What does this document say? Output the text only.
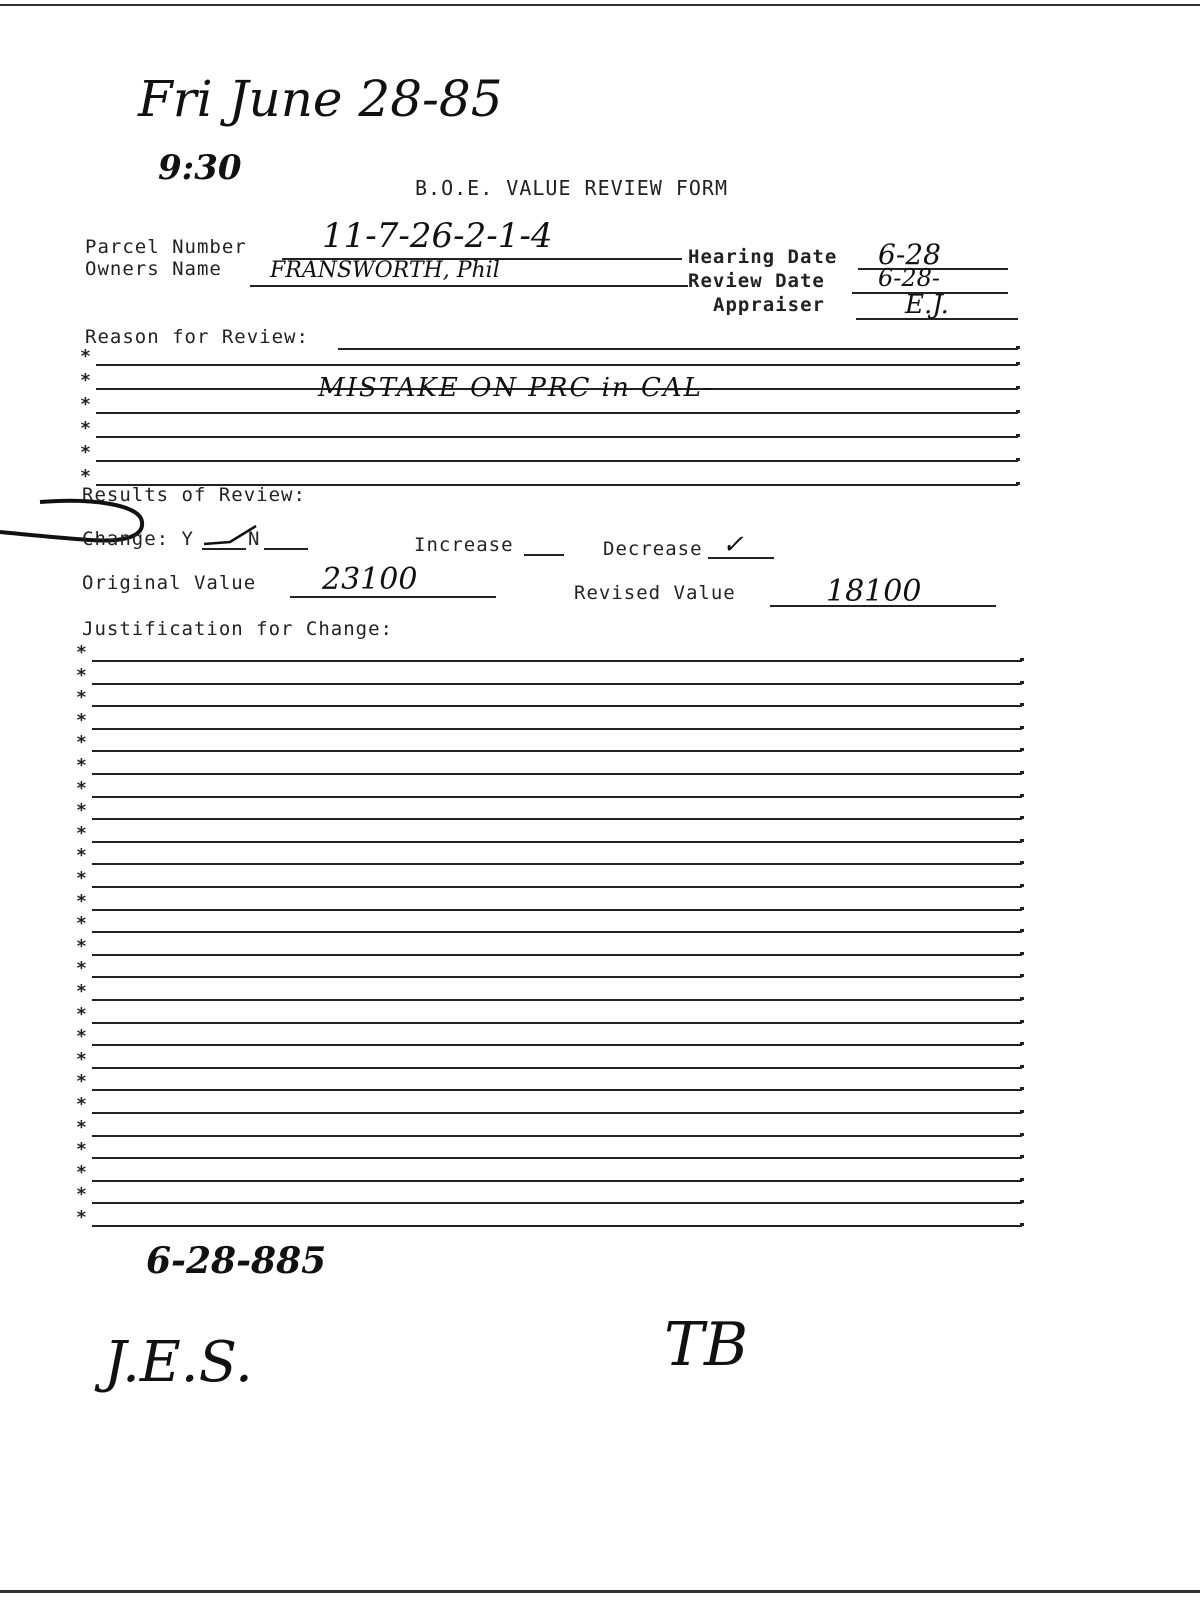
Fri June 28-85
9:30	B.O.E. VALUE REVIEW FORM
Parcel Number 11-7-26-2-1-4
Owners Name FRANSWORTH, Phil
Hearing Date 6-28
Review Date 6-28-
Appraiser	E.J.
Reason for Review:
*
*
*
*
*
*
MISTAKE ON PRC in CAL-
Results of Review:
Change: Y	N	Increase	Decrease ✓
Original Value 23100	Revised Value	18100
Justification for Change:
*
*
*
*
*
*
*
*
*
*
*
*
*
*
*
*
*
*
*
*
*
*
*
*
*
*
6-28-885
J.E.S.	TB
